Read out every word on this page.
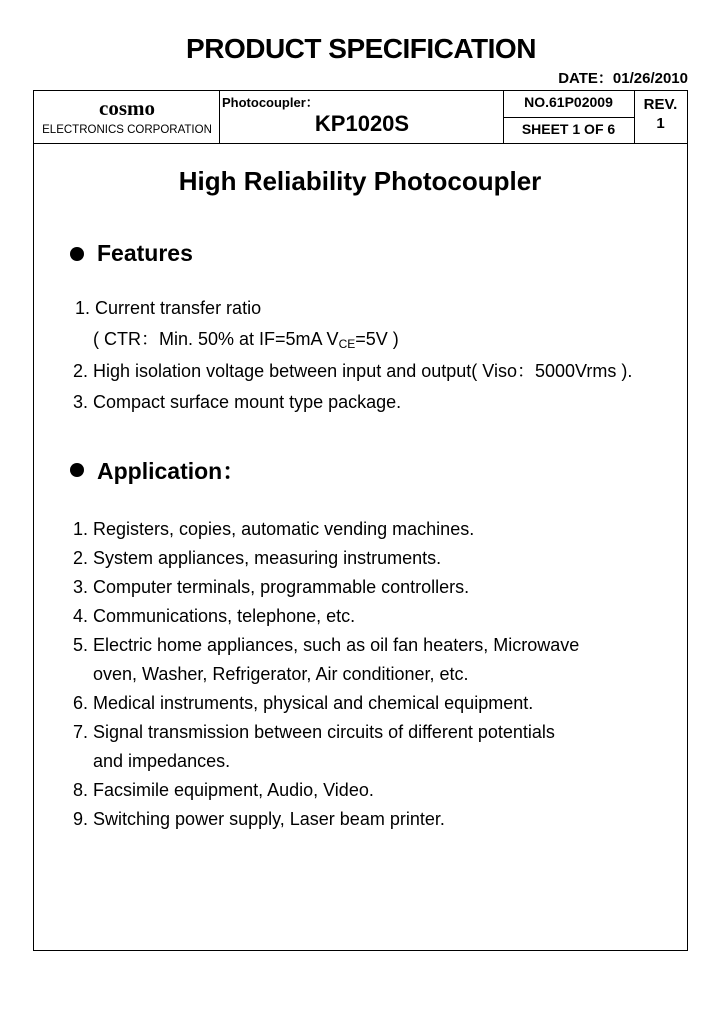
PRODUCT SPECIFICATION
DATE：01/26/2010
cosmo
ELECTRONICS CORPORATION
Photocoupler：
KP1020S
NO.61P02009
SHEET 1 OF 6
REV.
1
High Reliability Photocoupler
Features
1. Current transfer ratio
( CTR：Min. 50% at IF=5mA $V_{CE}=5V$ )
2. High isolation voltage between input and output( Viso：5000Vrms ).
3. Compact surface mount type package.
Application：
1. Registers, copies, automatic vending machines.
2. System appliances, measuring instruments.
3. Computer terminals, programmable controllers.
4. Communications, telephone, etc.
5. Electric home appliances, such as oil fan heaters, Microwave
oven, Washer, Refrigerator, Air conditioner, etc.
6. Medical instruments, physical and chemical equipment.
7. Signal transmission between circuits of different potentials
and impedances.
8. Facsimile equipment, Audio, Video.
9. Switching power supply, Laser beam printer.
